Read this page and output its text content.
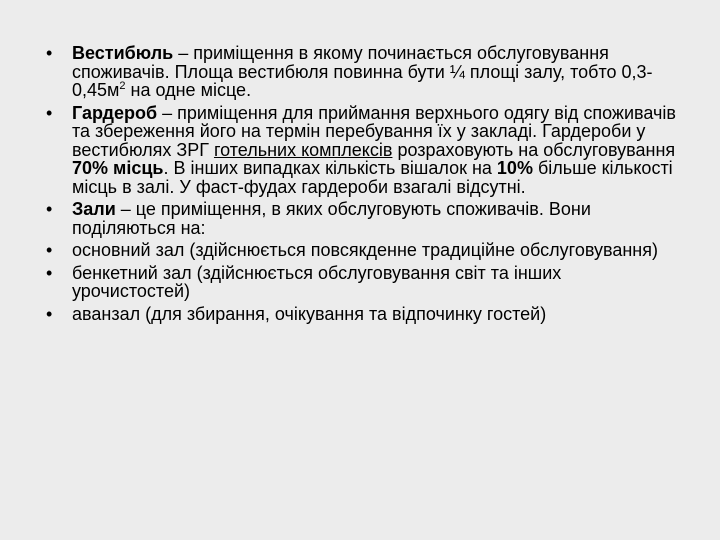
•	Вестибюль – приміщення в якому починається обслуговування споживачів. Площа вестибюля повинна бути ¼ площі залу, тобто $0,3-0,45м^2$ на одне місце.
•	Гардероб – приміщення для приймання верхнього одягу від споживачів та збереження його на термін перебування їх у закладі. Гардероби у вестибюлях ЗРГ готельних комплексів розраховують на обслуговування 70% місць. В інших випадках кількість вішалок на 10% більше кількості місць в залі. У фаст-фудах гардероби взагалі відсутні.
•	Зали – це приміщення, в яких обслуговують споживачів. Вони поділяються на:
•	основний зал (здійснюється повсякденне традиційне обслуговування)
•	бенкетний зал (здійснюється обслуговування світ та інших урочистостей)
•	аванзал (для збирання, очікування та відпочинку гостей)
